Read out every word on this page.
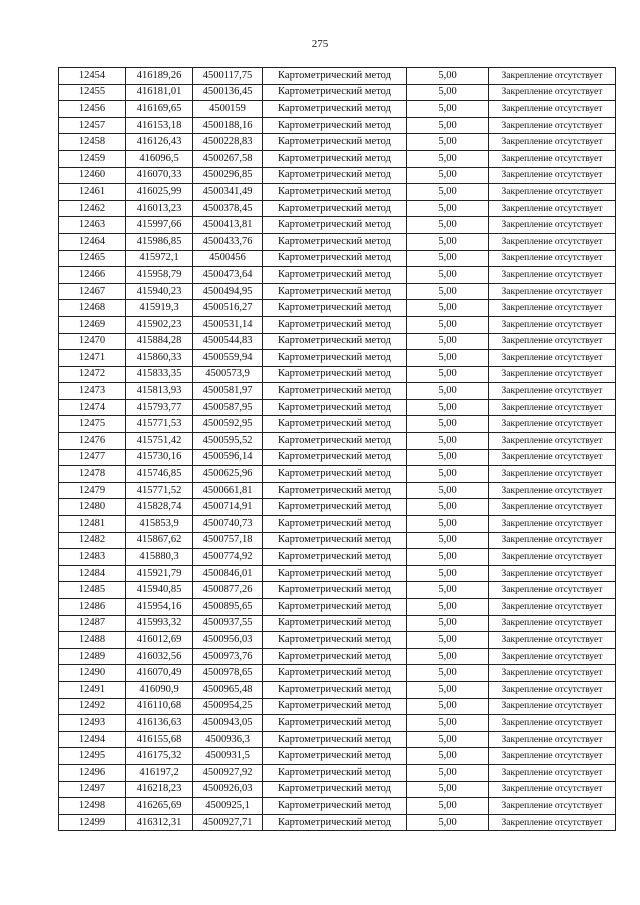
275
12454	416189,26	4500117,75	Картометрический метод	5,00	Закрепление отсутствует
12455	416181,01	4500136,45	Картометрический метод	5,00	Закрепление отсутствует
12456	416169,65	4500159	Картометрический метод	5,00	Закрепление отсутствует
12457	416153,18	4500188,16	Картометрический метод	5,00	Закрепление отсутствует
12458	416126,43	4500228,83	Картометрический метод	5,00	Закрепление отсутствует
12459	416096,5	4500267,58	Картометрический метод	5,00	Закрепление отсутствует
12460	416070,33	4500296,85	Картометрический метод	5,00	Закрепление отсутствует
12461	416025,99	4500341,49	Картометрический метод	5,00	Закрепление отсутствует
12462	416013,23	4500378,45	Картометрический метод	5,00	Закрепление отсутствует
12463	415997,66	4500413,81	Картометрический метод	5,00	Закрепление отсутствует
12464	415986,85	4500433,76	Картометрический метод	5,00	Закрепление отсутствует
12465	415972,1	4500456	Картометрический метод	5,00	Закрепление отсутствует
12466	415958,79	4500473,64	Картометрический метод	5,00	Закрепление отсутствует
12467	415940,23	4500494,95	Картометрический метод	5,00	Закрепление отсутствует
12468	415919,3	4500516,27	Картометрический метод	5,00	Закрепление отсутствует
12469	415902,23	4500531,14	Картометрический метод	5,00	Закрепление отсутствует
12470	415884,28	4500544,83	Картометрический метод	5,00	Закрепление отсутствует
12471	415860,33	4500559,94	Картометрический метод	5,00	Закрепление отсутствует
12472	415833,35	4500573,9	Картометрический метод	5,00	Закрепление отсутствует
12473	415813,93	4500581,97	Картометрический метод	5,00	Закрепление отсутствует
12474	415793,77	4500587,95	Картометрический метод	5,00	Закрепление отсутствует
12475	415771,53	4500592,95	Картометрический метод	5,00	Закрепление отсутствует
12476	415751,42	4500595,52	Картометрический метод	5,00	Закрепление отсутствует
12477	415730,16	4500596,14	Картометрический метод	5,00	Закрепление отсутствует
12478	415746,85	4500625,96	Картометрический метод	5,00	Закрепление отсутствует
12479	415771,52	4500661,81	Картометрический метод	5,00	Закрепление отсутствует
12480	415828,74	4500714,91	Картометрический метод	5,00	Закрепление отсутствует
12481	415853,9	4500740,73	Картометрический метод	5,00	Закрепление отсутствует
12482	415867,62	4500757,18	Картометрический метод	5,00	Закрепление отсутствует
12483	415880,3	4500774,92	Картометрический метод	5,00	Закрепление отсутствует
12484	415921,79	4500846,01	Картометрический метод	5,00	Закрепление отсутствует
12485	415940,85	4500877,26	Картометрический метод	5,00	Закрепление отсутствует
12486	415954,16	4500895,65	Картометрический метод	5,00	Закрепление отсутствует
12487	415993,32	4500937,55	Картометрический метод	5,00	Закрепление отсутствует
12488	416012,69	4500956,03	Картометрический метод	5,00	Закрепление отсутствует
12489	416032,56	4500973,76	Картометрический метод	5,00	Закрепление отсутствует
12490	416070,49	4500978,65	Картометрический метод	5,00	Закрепление отсутствует
12491	416090,9	4500965,48	Картометрический метод	5,00	Закрепление отсутствует
12492	416110,68	4500954,25	Картометрический метод	5,00	Закрепление отсутствует
12493	416136,63	4500943,05	Картометрический метод	5,00	Закрепление отсутствует
12494	416155,68	4500936,3	Картометрический метод	5,00	Закрепление отсутствует
12495	416175,32	4500931,5	Картометрический метод	5,00	Закрепление отсутствует
12496	416197,2	4500927,92	Картометрический метод	5,00	Закрепление отсутствует
12497	416218,23	4500926,03	Картометрический метод	5,00	Закрепление отсутствует
12498	416265,69	4500925,1	Картометрический метод	5,00	Закрепление отсутствует
12499	416312,31	4500927,71	Картометрический метод	5,00	Закрепление отсутствует
